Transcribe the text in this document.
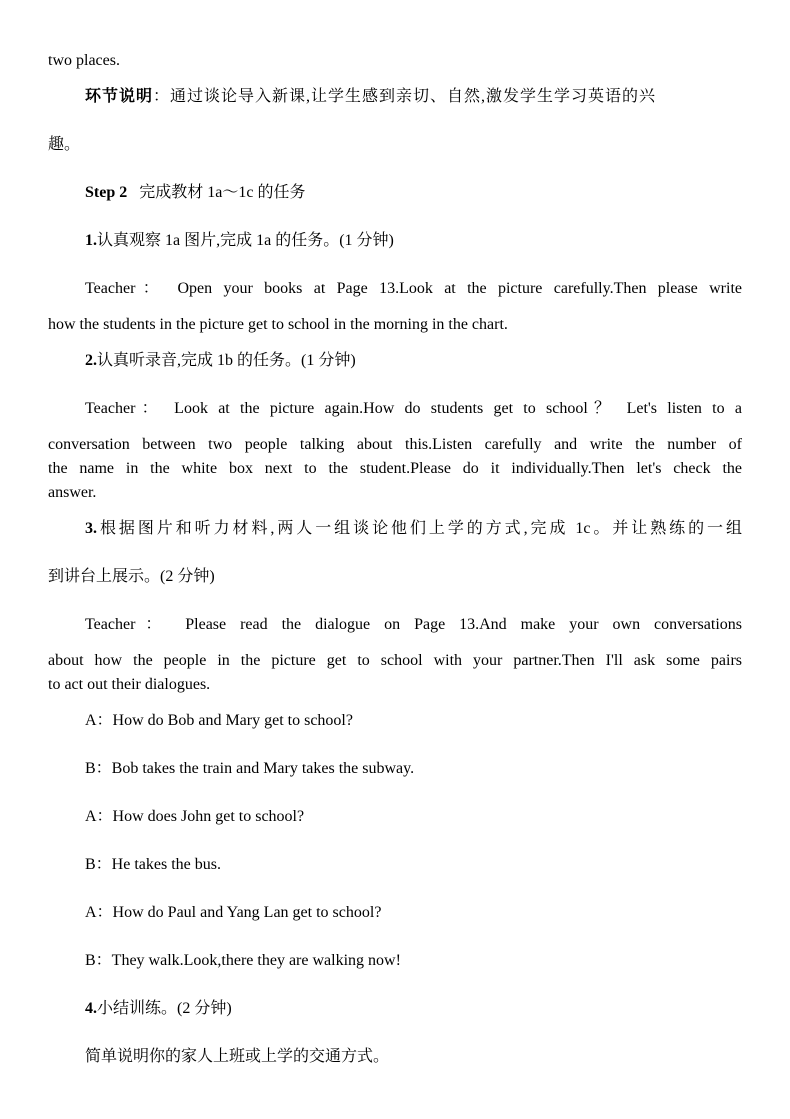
two places.
环节说明：通过谈论导入新课,让学生感到亲切、自然,激发学生学习英语的兴
趣。
Step 2 完成教材 1a～1c 的任务
1.认真观察 1a 图片,完成 1a 的任务。(1 分钟)
Teacher： Open your books at Page 13.Look at the picture carefully.Then please write
how the students in the picture get to school in the morning in the chart.
2.认真听录音,完成 1b 的任务。(1 分钟)
Teacher： Look at the picture again.How do students get to school？ Let's listen to a
conversation between two people talking about this.Listen carefully and write the number of
the name in the white box next to the student.Please do it individually.Then let's check the
answer.
3.根据图片和听力材料,两人一组谈论他们上学的方式,完成 1c。并让熟练的一组
到讲台上展示。(2 分钟)
Teacher： Please read the dialogue on Page 13.And make your own conversations
about how the people in the picture get to school with your partner.Then I'll ask some pairs
to act out their dialogues.
A：How do Bob and Mary get to school?
B：Bob takes the train and Mary takes the subway.
A：How does John get to school?
B：He takes the bus.
A：How do Paul and Yang Lan get to school?
B：They walk.Look,there they are walking now!
4.小结训练。(2 分钟)
简单说明你的家人上班或上学的交通方式。
